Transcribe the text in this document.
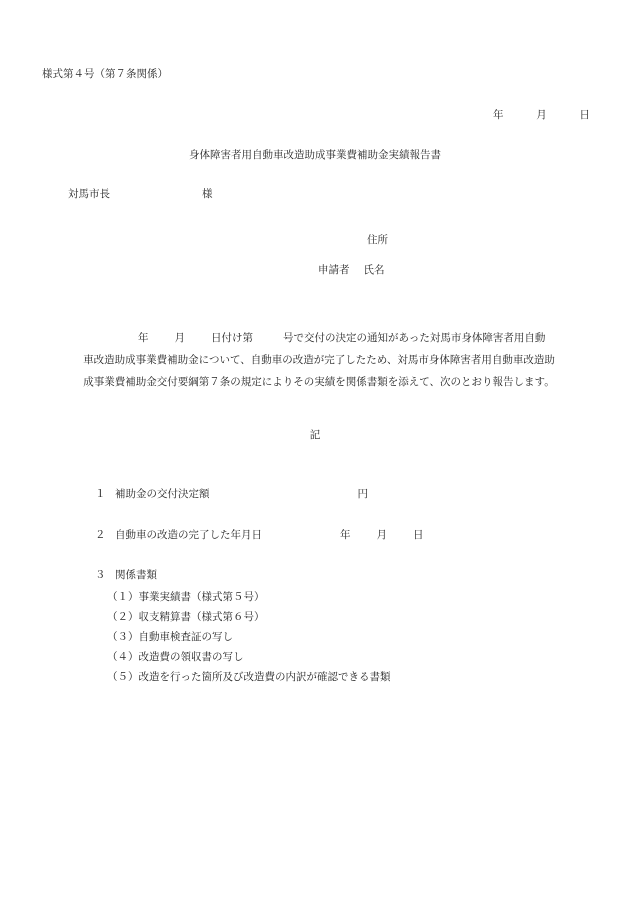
様式第４号（第７条関係）
年	月	日
身体障害者用自動車改造助成事業費補助金実績報告書
対馬市長	様
住所
申請者 氏名
年 月 日付け第	号で交付の決定の通知があった対馬市身体障害者用自動
車改造助成事業費補助金について、自動車の改造が完了したため、対馬市身体障害者用自動車改造助
成事業費補助金交付要綱第７条の規定によりその実績を関係書類を添えて、次のとおり報告します。
記
１ 補助金の交付決定額	円
２ 自動車の改造の完了した年月日	年 月 日
３ 関係書類
（１）事業実績書（様式第５号）
（２）収支精算書（様式第６号）
（３）自動車検査証の写し
（４）改造費の領収書の写し
（５）改造を行った箇所及び改造費の内訳が確認できる書類
